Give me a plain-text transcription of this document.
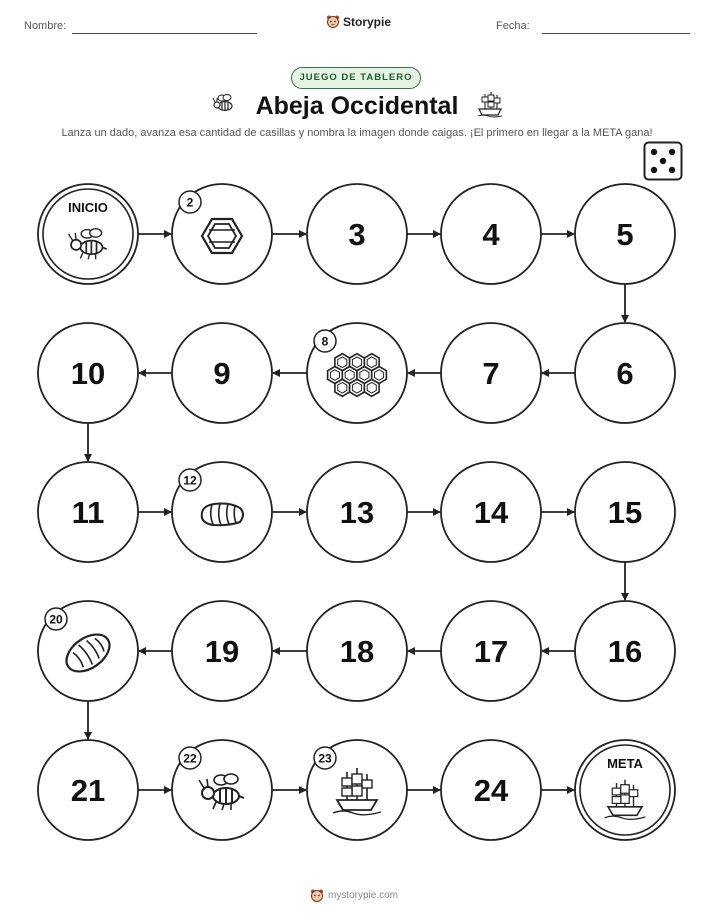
Nombre:	Storypie	Fecha:
JUEGO DE TABLERO
Abeja Occidental
Lanza un dado, avanza esa cantidad de casillas y nombra la imagen donde caigas. ¡El primero en llegar a la META gana!
INICIO	2
3	4	5
6
7
8
9
10
11
12
13	14	15
16
17
18
19
20
21
22	23
24
META
mystorypie.com
